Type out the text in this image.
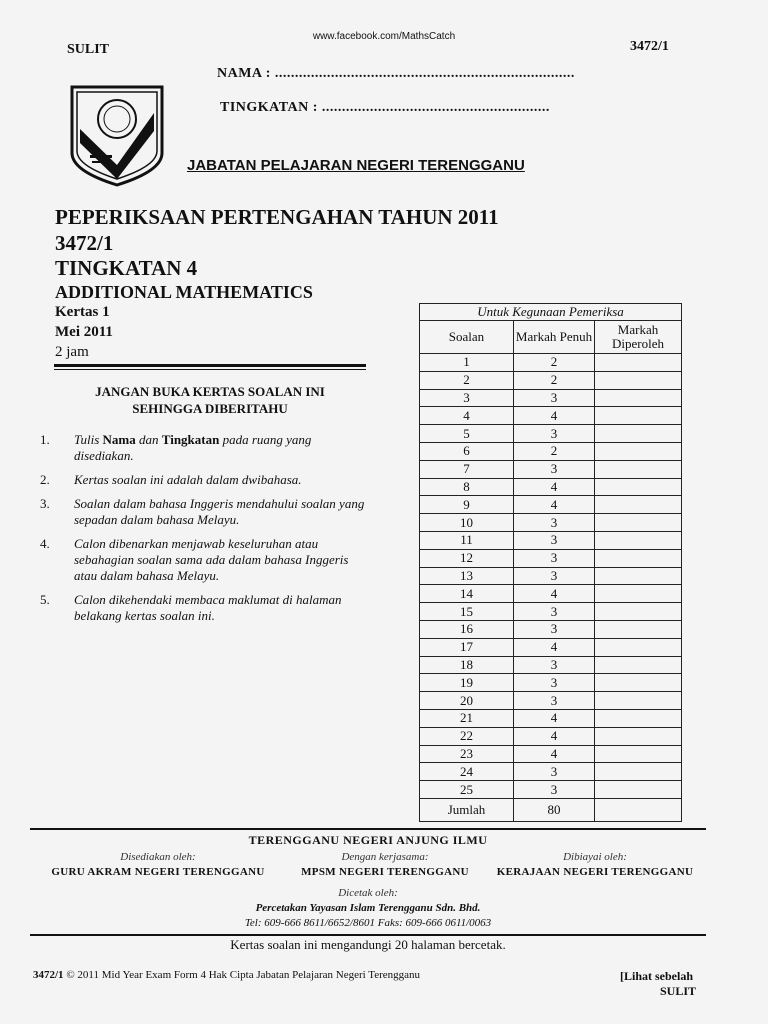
www.facebook.com/MathsCatch
SULIT	3472/1
NAMA : ...........................................................................
TINGKATAN : .........................................................
JABATAN PELAJARAN NEGERI TERENGGANU
PEPERIKSAAN PERTENGAHAN TAHUN 2011
3472/1
TINGKATAN 4
ADDITIONAL MATHEMATICS
Kertas 1
Mei 2011
2 jam
JANGAN BUKA KERTAS SOALAN INI
SEHINGGA DIBERITAHU
1.	Tulis Nama dan Tingkatan pada ruang yang disediakan.
2.	Kertas soalan ini adalah dalam dwibahasa.
3.	Soalan dalam bahasa Inggeris mendahului soalan yang sepadan dalam bahasa Melayu.
4.	Calon dibenarkan menjawab keseluruhan atau sebahagian soalan sama ada dalam bahasa Inggeris atau dalam bahasa Melayu.
5.	Calon dikehendaki membaca maklumat di halaman belakang kertas soalan ini.
Untuk Kegunaan Pemeriksa		
Soalan	Markah Penuh	Markah Diperoleh
1	2	
2	2	
3	3	
4	4	
5	3	
6	2	
7	3	
8	4	
9	4	
10	3	
11	3	
12	3	
13	3	
14	4	
15	3	
16	3	
17	4	
18	3	
19	3	
20	3	
21	4	
22	4	
23	4	
24	3	
25	3	
Jumlah	80	
TERENGGANU NEGERI ANJUNG ILMU
Disediakan oleh:	Dengan kerjasama:	Dibiayai oleh:
GURU AKRAM NEGERI TERENGGANU	MPSM NEGERI TERENGGANU	KERAJAAN NEGERI TERENGGANU
Dicetak oleh:
Percetakan Yayasan Islam Terengganu Sdn. Bhd.
Tel: 609-666 8611/6652/8601 Faks: 609-666 0611/0063
Kertas soalan ini mengandungi 20 halaman bercetak.
3472/1 © 2011 Mid Year Exam Form 4 Hak Cipta Jabatan Pelajaran Negeri Terengganu	[Lihat sebelah
SULIT
